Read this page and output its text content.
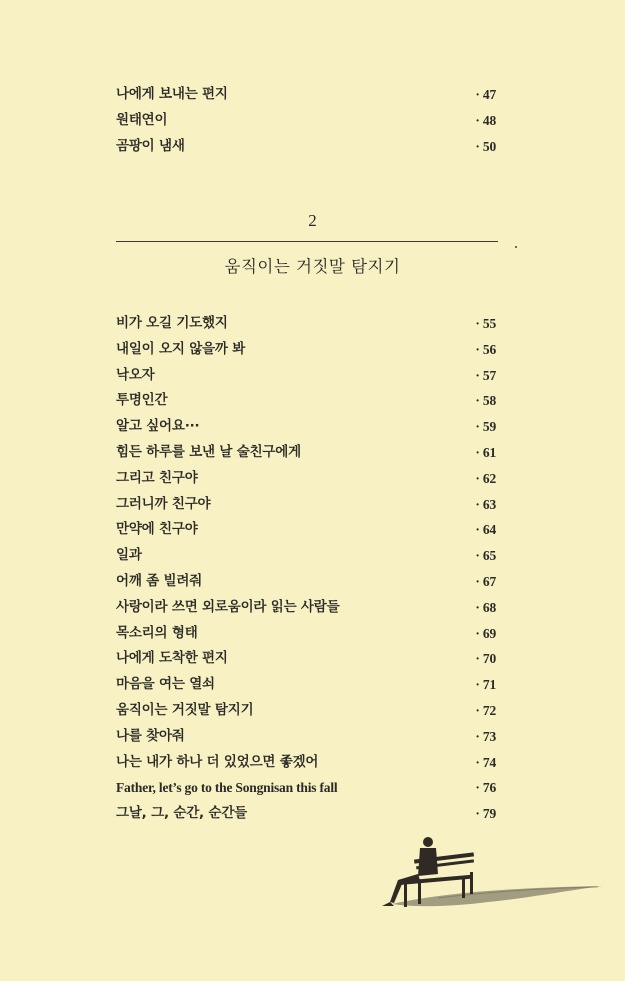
나에게 보내는 편지	· 47
원태연이	· 48
곰팡이 냄새	· 50
2
움직이는 거짓말 탐지기
비가 오길 기도했지	· 55
내일이 오지 않을까 봐	· 56
낙오자	· 57
투명인간	· 58
알고 싶어요···	· 59
힘든 하루를 보낸 날 술친구에게	· 61
그리고 친구야	· 62
그러니까 친구야	· 63
만약에 친구야	· 64
일과	· 65
어깨 좀 빌려줘	· 67
사랑이라 쓰면 외로움이라 읽는 사람들	· 68
목소리의 형태	· 69
나에게 도착한 편지	· 70
마음을 여는 열쇠	· 71
움직이는 거짓말 탐지기	· 72
나를 찾아줘	· 73
나는 내가 하나 더 있었으면 좋겠어	· 74
Father, let’s go to the Songnisan this fall	· 76
그날, 그, 순간, 순간들	· 79
